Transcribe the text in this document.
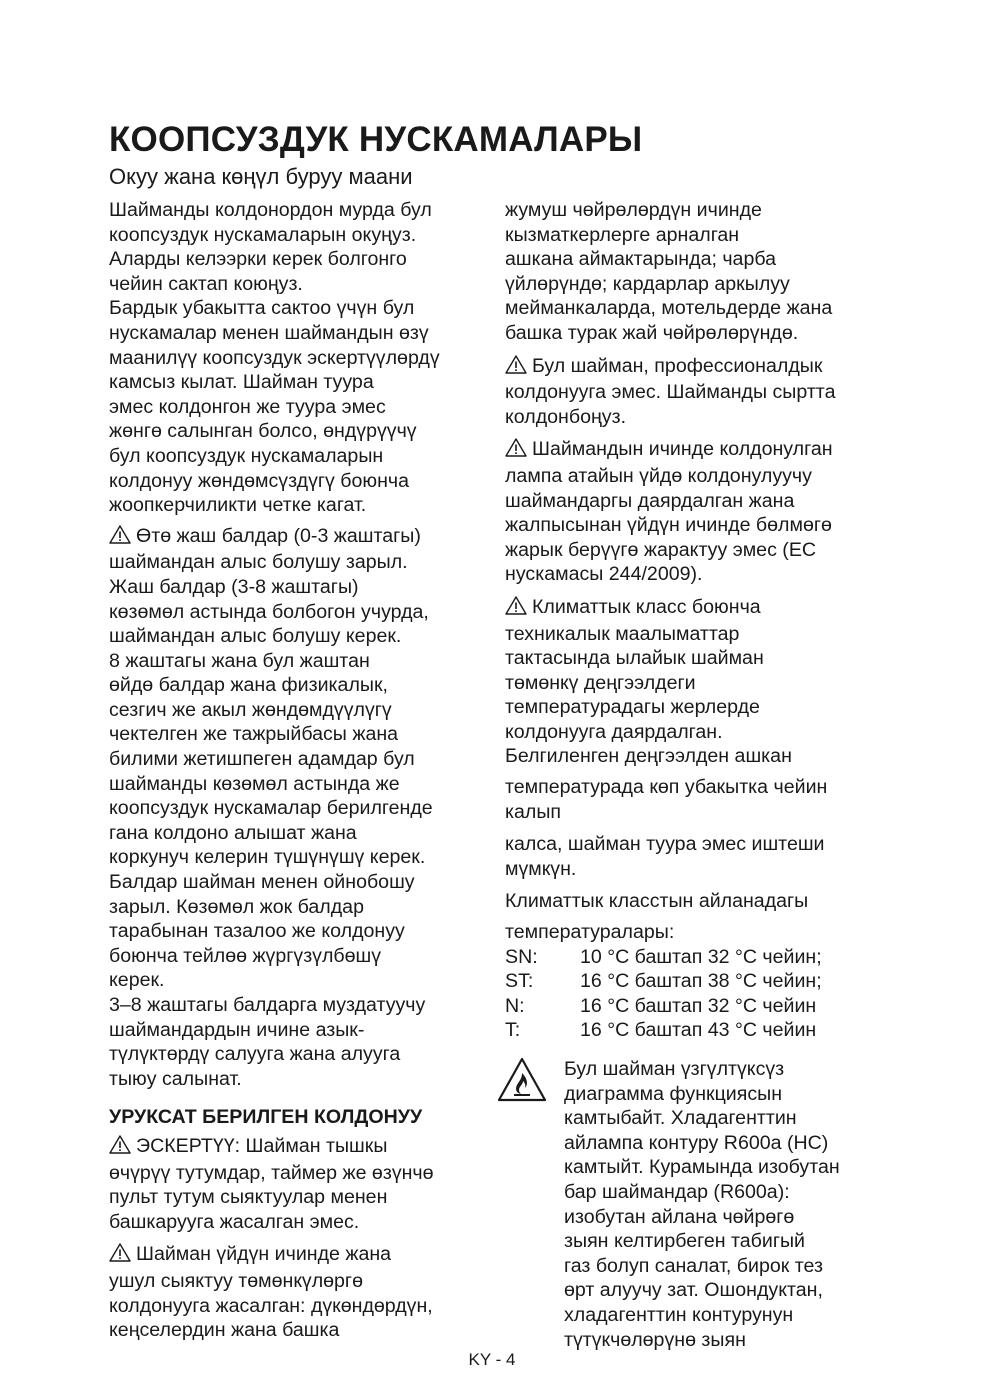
КООПСУЗДУК НУСКАМАЛАРЫ
Окуу жана көңүл буруу маани
Шайманды колдонордон мурда бул
коопсуздук нускамаларын окуңуз.
Аларды келээрки керек болгонго
чейин сактап коюңуз.
Бардык убакытта сактоо үчүн бул
нускамалар менен шаймандын өзү
маанилүү коопсуздук эскертүүлөрдү
камсыз кылат. Шайман туура
эмес колдонгон же туура эмес
жөнгө салынган болсо, өндүрүүчү
бул коопсуздук нускамаларын
колдонуу жөндөмсүздүгү боюнча
жоопкерчиликти четке кагат.
Өтө жаш балдар (0-3 жаштагы)
шаймандан алыс болушу зарыл.
Жаш балдар (3-8 жаштагы)
көзөмөл астында болбогон учурда,
шаймандан алыс болушу керек.
8 жаштагы жана бул жаштан
өйдө балдар жана физикалык,
сезгич же акыл жөндөмдүүлүгү
чектелген же тажрыйбасы жана
билими жетишпеген адамдар бул
шайманды көзөмөл астында же
коопсуздук нускамалар берилгенде
гана колдоно алышат жана
коркунуч келерин түшүнүшү керек.
Балдар шайман менен ойнобошу
зарыл. Көзөмөл жок балдар
тарабынан тазалоо же колдонуу
боюнча тейлөө жүргүзүлбөшү
керек.
3–8 жаштагы балдарга муздатуучу
шаймандардын ичине азык-
түлүктөрдү салууга жана алууга
тыюу салынат.
УРУКСАТ БЕРИЛГЕН КОЛДОНУУ
ЭСКЕРТҮҮ: Шайман тышкы
өчүрүү тутумдар, таймер же өзүнчө
пульт тутум сыяктуулар менен
башкарууга жасалган эмес.
Шайман үйдүн ичинде жана
ушул сыяктуу төмөнкүлөргө
колдонууга жасалган: дүкөндөрдүн,
кеңселердин жана башка
жумуш чөйрөлөрдүн ичинде
кызматкерлерге арналган
ашкана аймактарында; чарба
үйлөрүндө; кардарлар аркылуу
мейманкаларда, мотельдерде жана
башка турак жай чөйрөлөрүндө.
Бул шайман, профессионалдык
колдонууга эмес. Шайманды сыртта
колдонбоңуз.
Шаймандын ичинде колдонулган
лампа атайын үйдө колдонулуучу
шаймандаргы даярдалган жана
жалпысынан үйдүн ичинде бөлмөгө
жарык берүүгө жарактуу эмес (ЕС
нускамасы 244/2009).
Климаттык класс боюнча
техникалык маалыматтар
тактасында ылайык шайман
төмөнкү деңгээлдеги
температурадагы жерлерде
колдонууга даярдалган.
Белгиленген деңгээлден ашкан
температурада көп убакытка чейин
калып
калса, шайман туура эмес иштеши
мүмкүн.
Климаттык класстын айланадагы
температуралары:
SN:	10 °C баштап 32 °C чейин;
ST:	16 °C баштап 38 °C чейин;
N:	16 °C баштап 32 °C чейин
T:	16 °C баштап 43 °C чейин
Бул шайман үзгүлтүксүз
диаграмма функциясын
камтыбайт. Хладагенттин
айлампа контуру R600a (НС)
камтыйт. Курамында изобутан
бар шаймандар (R600a):
изобутан айлана чөйрөгө
зыян келтирбеген табигый
газ болуп саналат, бирок тез
өрт алуучу зат. Ошондуктан,
хладагенттин контурунун
түтүкчөлөрүнө зыян
KY - 4
